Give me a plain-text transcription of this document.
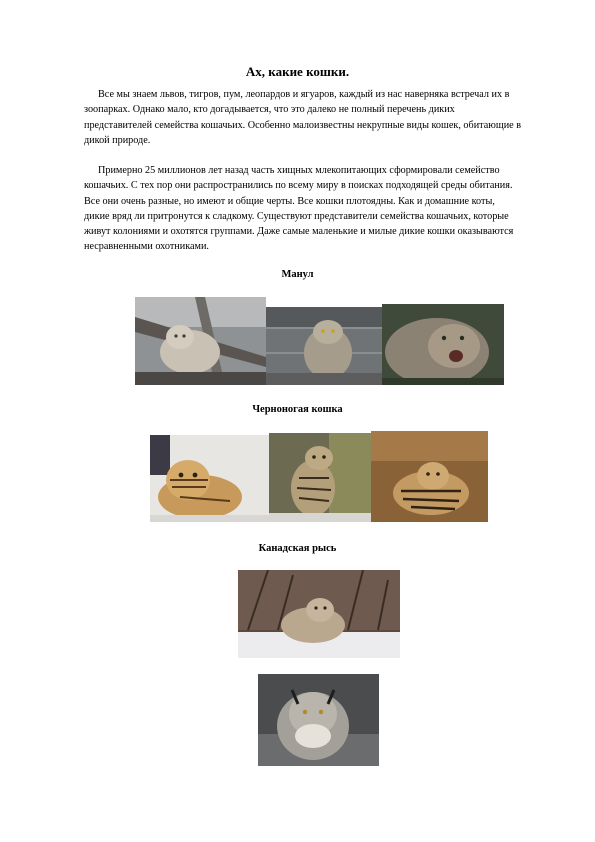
Ах, какие кошки.

Все мы знаем львов, тигров, пум, леопардов и ягуаров, каждый из нас наверняка встречал их в зоопарках. Однако мало, кто догадывается, что это далеко не полный перечень диких представителей семейства кошачьих. Особенно малоизвестны некрупные виды кошек, обитающие в дикой природе.

Примерно 25 миллионов лет назад часть хищных млекопитающих сформировали семейство кошачьих. С тех пор они распространились по всему миру в поисках подходящей среды обитания. Все они очень разные, но имеют и общие черты. Все кошки плотоядны. Как и домашние коты, дикие вряд ли притронутся к сладкому. Существуют представители семейства кошачьих, которые живут колониями и охотятся группами. Даже самые маленькие и милые дикие кошки оказываются несравненными охотниками.

Манул
Черноногая кошка
Канадская рысь
